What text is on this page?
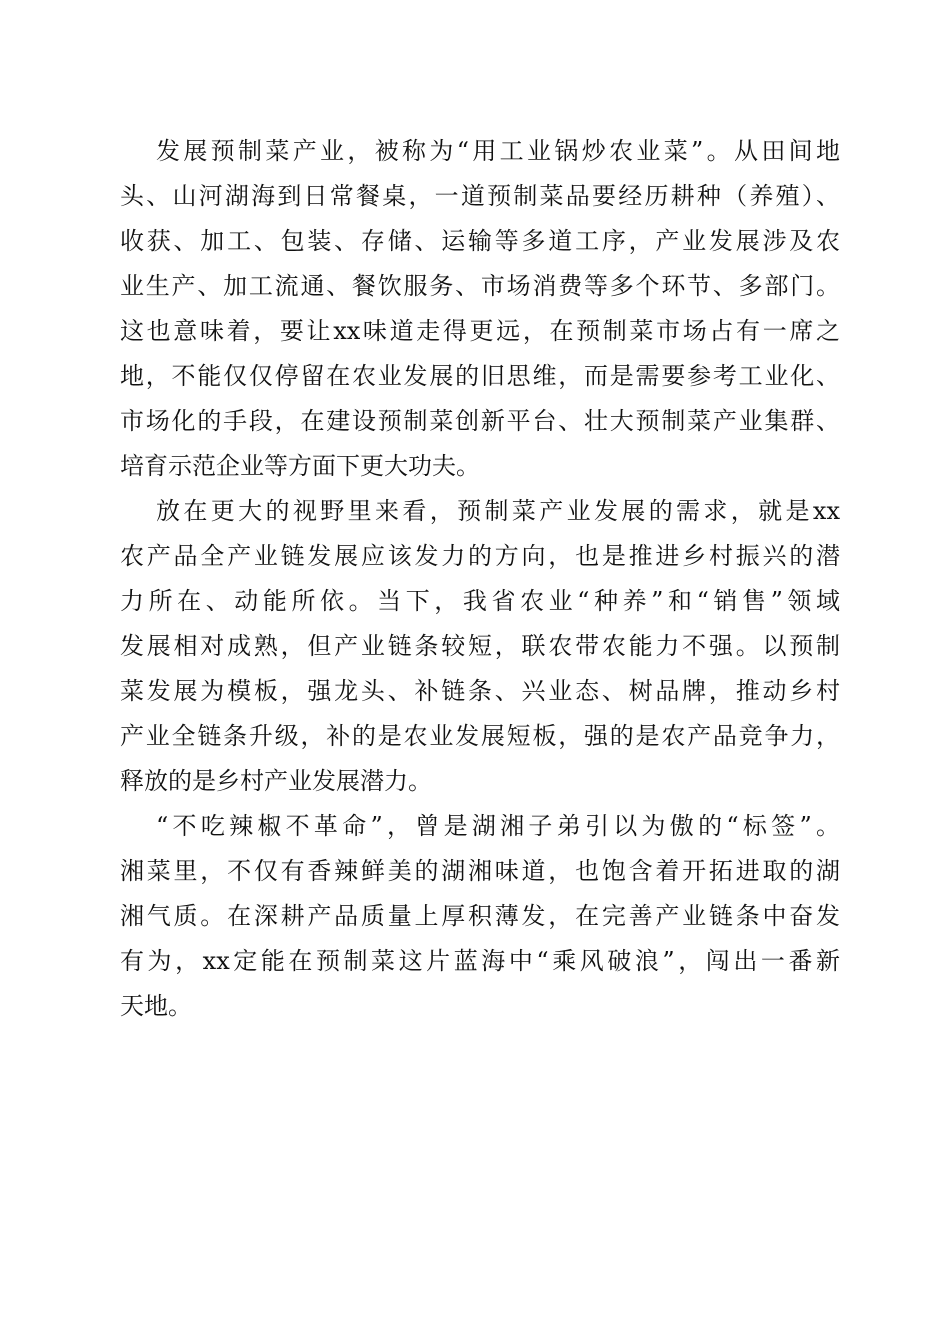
发展预制菜产业，被称为“用工业锅炒农业菜”。从田间地
头、山河湖海到日常餐桌，一道预制菜品要经历耕种（养殖）、
收获、加工、包装、存储、运输等多道工序，产业发展涉及农
业生产、加工流通、餐饮服务、市场消费等多个环节、多部门。
这也意味着，要让xx味道走得更远，在预制菜市场占有一席之
地，不能仅仅停留在农业发展的旧思维，而是需要参考工业化、
市场化的手段，在建设预制菜创新平台、壮大预制菜产业集群、
培育示范企业等方面下更大功夫。
放在更大的视野里来看，预制菜产业发展的需求，就是xx
农产品全产业链发展应该发力的方向，也是推进乡村振兴的潜
力所在、动能所依。当下，我省农业“种养”和“销售”领域
发展相对成熟，但产业链条较短，联农带农能力不强。以预制
菜发展为模板，强龙头、补链条、兴业态、树品牌，推动乡村
产业全链条升级，补的是农业发展短板，强的是农产品竞争力，
释放的是乡村产业发展潜力。
“不吃辣椒不革命”，曾是湖湘子弟引以为傲的“标签”。
湘菜里，不仅有香辣鲜美的湖湘味道，也饱含着开拓进取的湖
湘气质。在深耕产品质量上厚积薄发，在完善产业链条中奋发
有为，xx定能在预制菜这片蓝海中“乘风破浪”，闯出一番新
天地。
